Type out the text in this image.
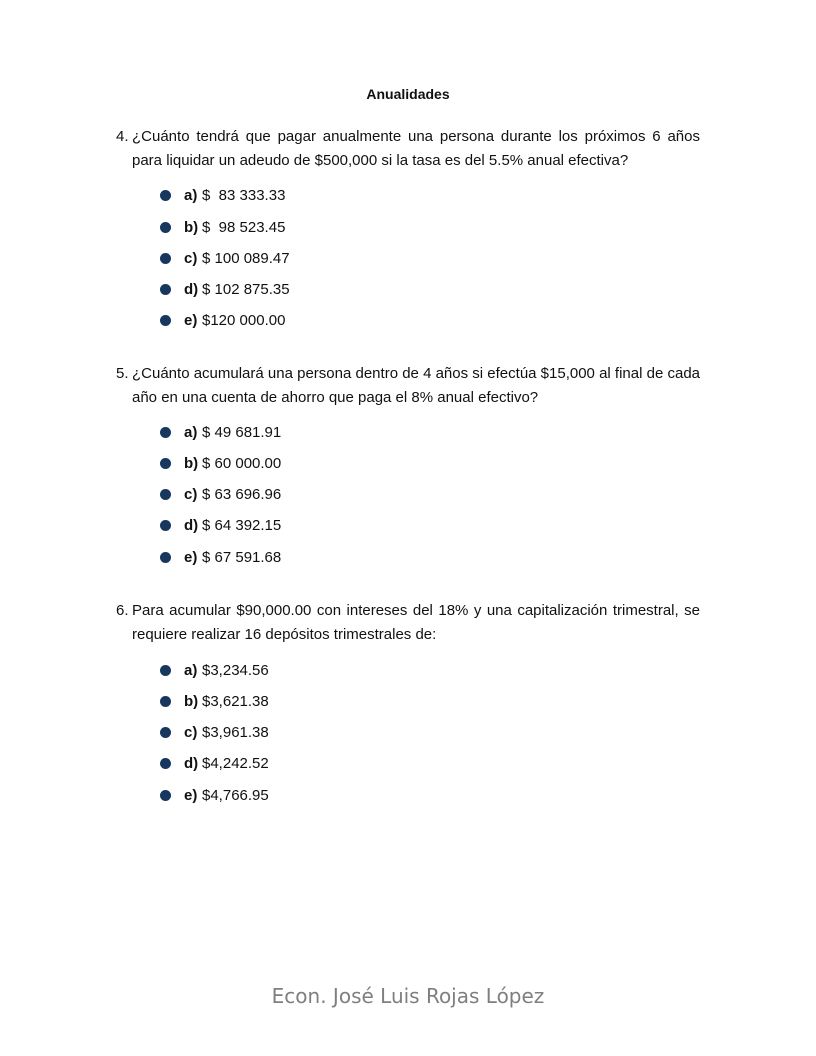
Anualidades
4. ¿Cuánto tendrá que pagar anualmente una persona durante los próximos 6 años para liquidar un adeudo de $500,000 si la tasa es del 5.5% anual efectiva?
a) $  83 333.33
b) $  98 523.45
c) $ 100 089.47
d) $ 102 875.35
e) $120 000.00
5. ¿Cuánto acumulará una persona dentro de 4 años si efectúa $15,000 al final de cada año en una cuenta de ahorro que paga el 8% anual efectivo?
a) $ 49 681.91
b) $ 60 000.00
c) $ 63 696.96
d) $ 64 392.15
e) $ 67 591.68
6. Para acumular $90,000.00 con intereses del 18% y una capitalización trimestral, se requiere realizar 16 depósitos trimestrales de:
a) $3,234.56
b) $3,621.38
c) $3,961.38
d) $4,242.52
e) $4,766.95
Econ. José Luis Rojas López
